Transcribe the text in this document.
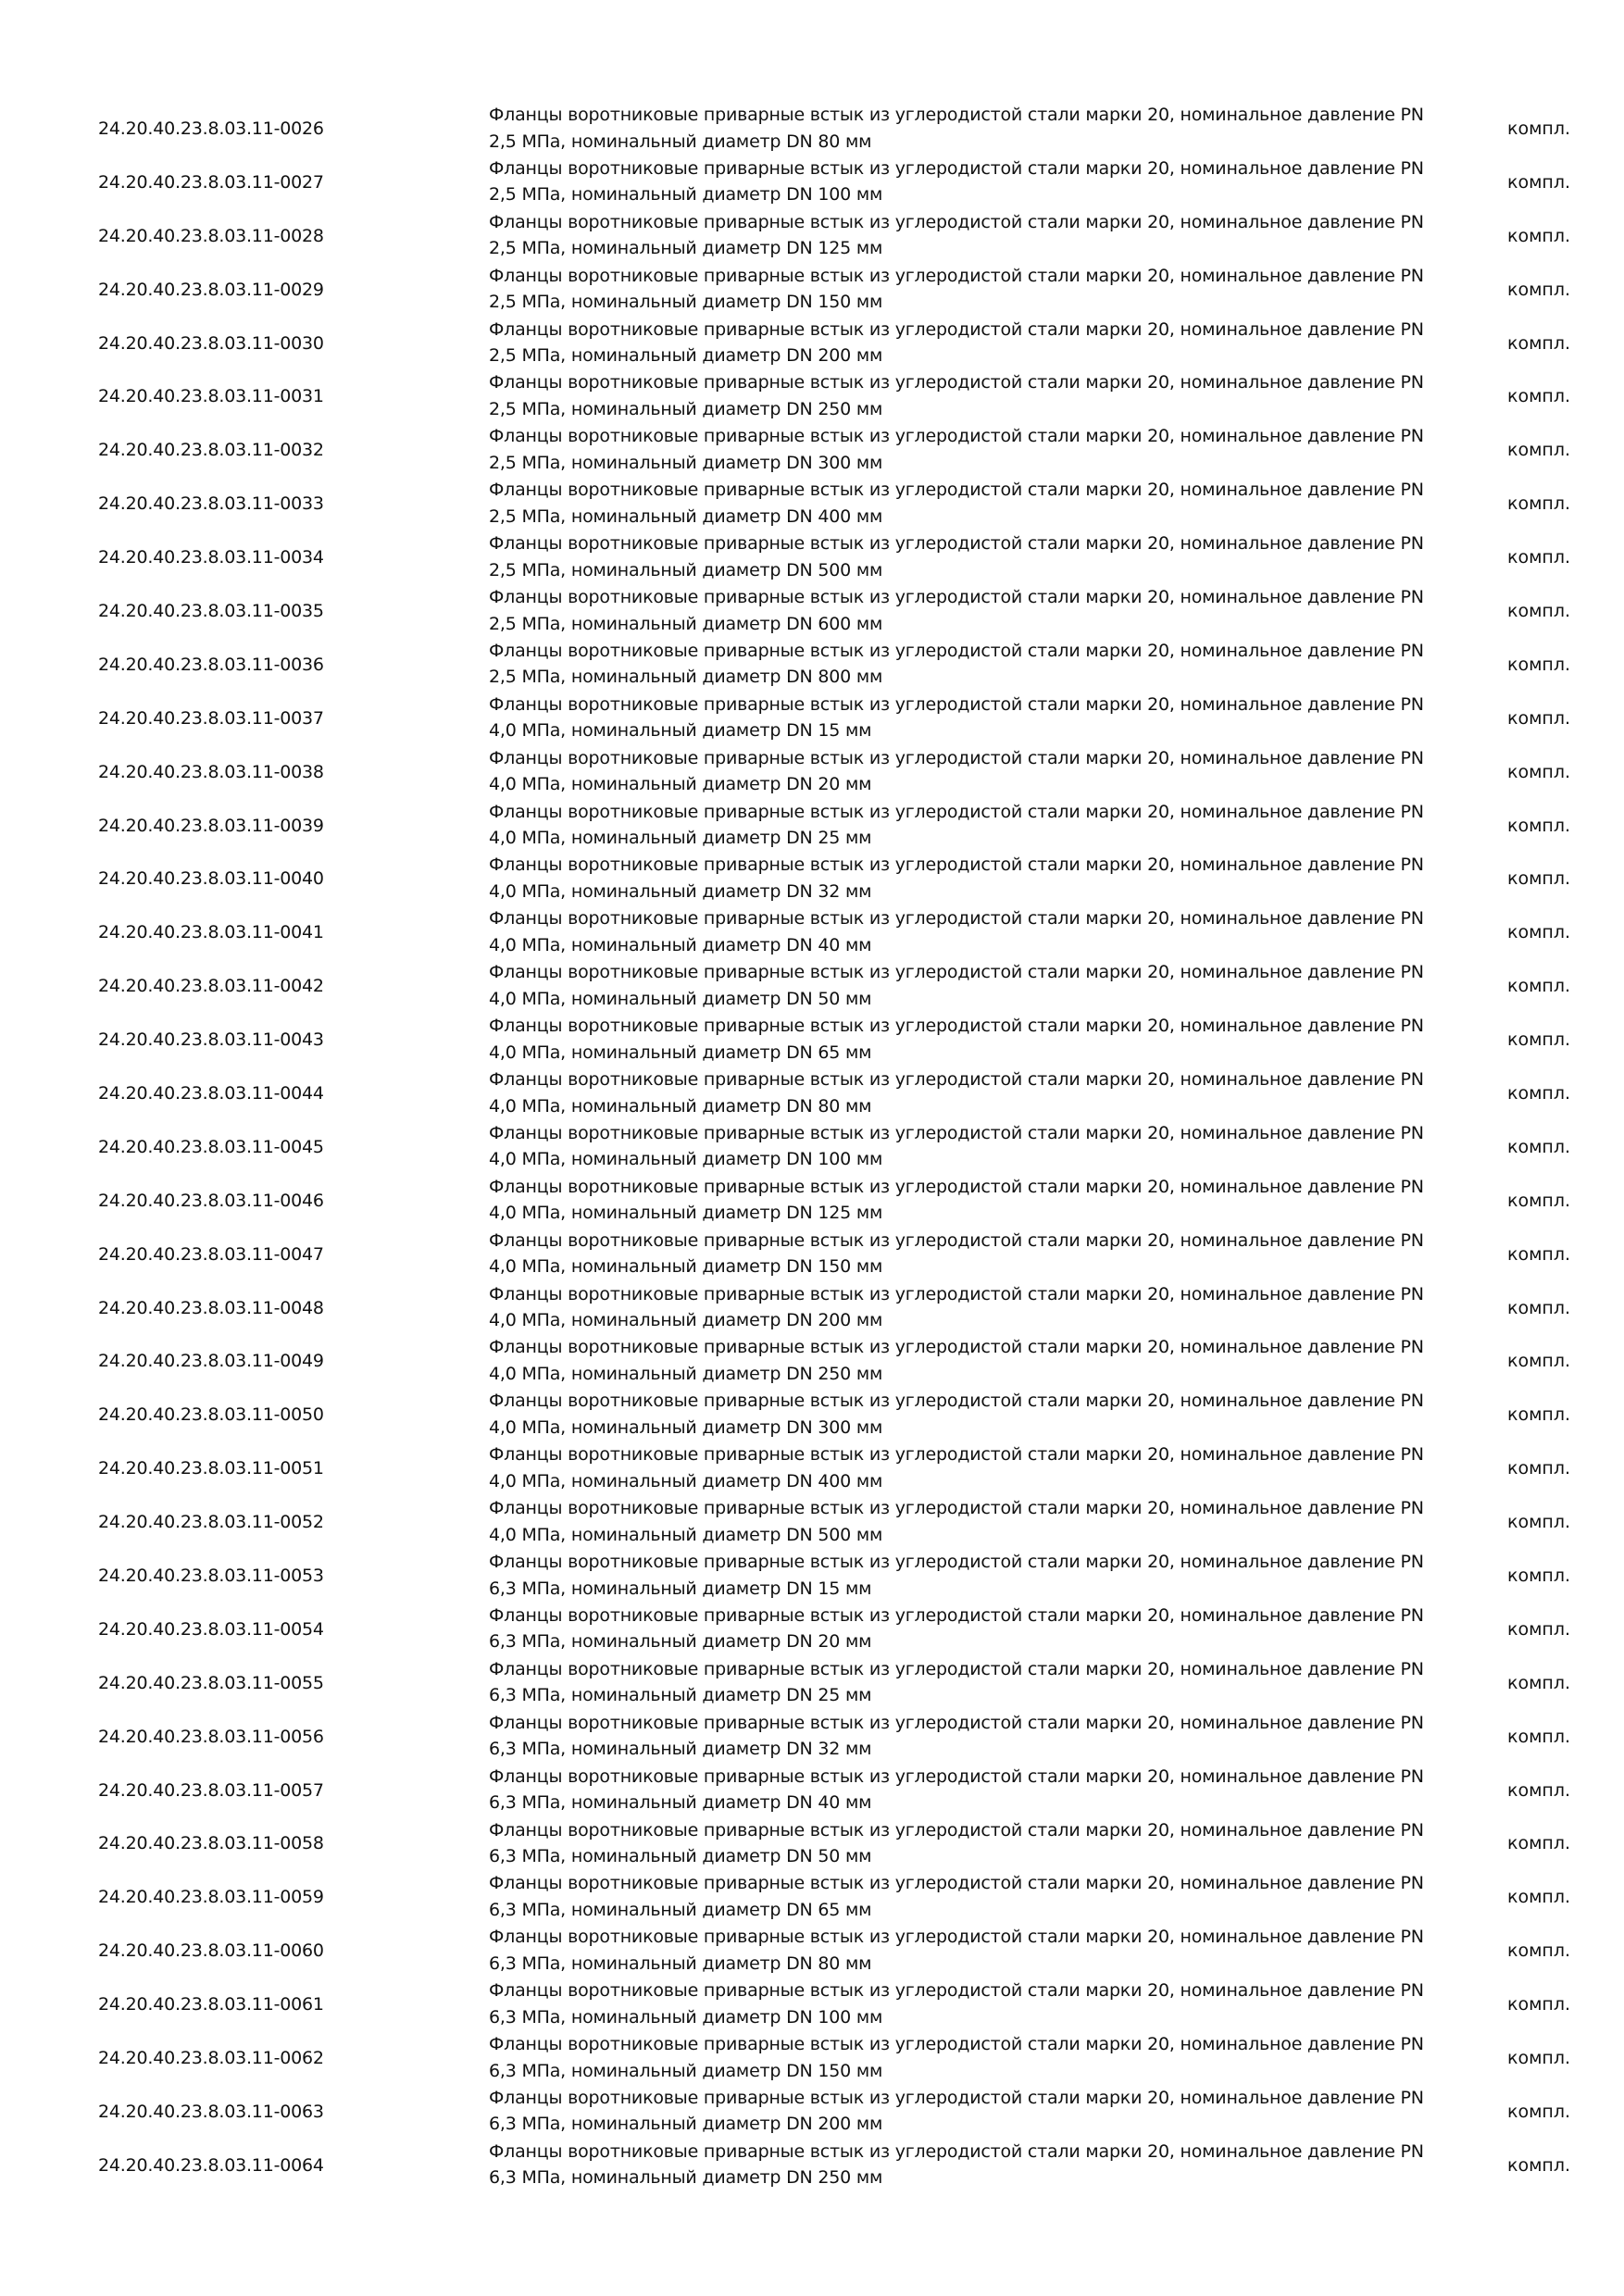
24.20.40.23.8.03.11-0026
Фланцы воротниковые приварные встык из углеродистой стали марки 20, номинальное давление PN
2,5 МПа, номинальный диаметр DN 80 мм
компл.
24.20.40.23.8.03.11-0027
Фланцы воротниковые приварные встык из углеродистой стали марки 20, номинальное давление PN
2,5 МПа, номинальный диаметр DN 100 мм
компл.
24.20.40.23.8.03.11-0028
Фланцы воротниковые приварные встык из углеродистой стали марки 20, номинальное давление PN
2,5 МПа, номинальный диаметр DN 125 мм
компл.
24.20.40.23.8.03.11-0029
Фланцы воротниковые приварные встык из углеродистой стали марки 20, номинальное давление PN
2,5 МПа, номинальный диаметр DN 150 мм
компл.
24.20.40.23.8.03.11-0030
Фланцы воротниковые приварные встык из углеродистой стали марки 20, номинальное давление PN
2,5 МПа, номинальный диаметр DN 200 мм
компл.
24.20.40.23.8.03.11-0031
Фланцы воротниковые приварные встык из углеродистой стали марки 20, номинальное давление PN
2,5 МПа, номинальный диаметр DN 250 мм
компл.
24.20.40.23.8.03.11-0032
Фланцы воротниковые приварные встык из углеродистой стали марки 20, номинальное давление PN
2,5 МПа, номинальный диаметр DN 300 мм
компл.
24.20.40.23.8.03.11-0033
Фланцы воротниковые приварные встык из углеродистой стали марки 20, номинальное давление PN
2,5 МПа, номинальный диаметр DN 400 мм
компл.
24.20.40.23.8.03.11-0034
Фланцы воротниковые приварные встык из углеродистой стали марки 20, номинальное давление PN
2,5 МПа, номинальный диаметр DN 500 мм
компл.
24.20.40.23.8.03.11-0035
Фланцы воротниковые приварные встык из углеродистой стали марки 20, номинальное давление PN
2,5 МПа, номинальный диаметр DN 600 мм
компл.
24.20.40.23.8.03.11-0036
Фланцы воротниковые приварные встык из углеродистой стали марки 20, номинальное давление PN
2,5 МПа, номинальный диаметр DN 800 мм
компл.
24.20.40.23.8.03.11-0037
Фланцы воротниковые приварные встык из углеродистой стали марки 20, номинальное давление PN
4,0 МПа, номинальный диаметр DN 15 мм
компл.
24.20.40.23.8.03.11-0038
Фланцы воротниковые приварные встык из углеродистой стали марки 20, номинальное давление PN
4,0 МПа, номинальный диаметр DN 20 мм
компл.
24.20.40.23.8.03.11-0039
Фланцы воротниковые приварные встык из углеродистой стали марки 20, номинальное давление PN
4,0 МПа, номинальный диаметр DN 25 мм
компл.
24.20.40.23.8.03.11-0040
Фланцы воротниковые приварные встык из углеродистой стали марки 20, номинальное давление PN
4,0 МПа, номинальный диаметр DN 32 мм
компл.
24.20.40.23.8.03.11-0041
Фланцы воротниковые приварные встык из углеродистой стали марки 20, номинальное давление PN
4,0 МПа, номинальный диаметр DN 40 мм
компл.
24.20.40.23.8.03.11-0042
Фланцы воротниковые приварные встык из углеродистой стали марки 20, номинальное давление PN
4,0 МПа, номинальный диаметр DN 50 мм
компл.
24.20.40.23.8.03.11-0043
Фланцы воротниковые приварные встык из углеродистой стали марки 20, номинальное давление PN
4,0 МПа, номинальный диаметр DN 65 мм
компл.
24.20.40.23.8.03.11-0044
Фланцы воротниковые приварные встык из углеродистой стали марки 20, номинальное давление PN
4,0 МПа, номинальный диаметр DN 80 мм
компл.
24.20.40.23.8.03.11-0045
Фланцы воротниковые приварные встык из углеродистой стали марки 20, номинальное давление PN
4,0 МПа, номинальный диаметр DN 100 мм
компл.
24.20.40.23.8.03.11-0046
Фланцы воротниковые приварные встык из углеродистой стали марки 20, номинальное давление PN
4,0 МПа, номинальный диаметр DN 125 мм
компл.
24.20.40.23.8.03.11-0047
Фланцы воротниковые приварные встык из углеродистой стали марки 20, номинальное давление PN
4,0 МПа, номинальный диаметр DN 150 мм
компл.
24.20.40.23.8.03.11-0048
Фланцы воротниковые приварные встык из углеродистой стали марки 20, номинальное давление PN
4,0 МПа, номинальный диаметр DN 200 мм
компл.
24.20.40.23.8.03.11-0049
Фланцы воротниковые приварные встык из углеродистой стали марки 20, номинальное давление PN
4,0 МПа, номинальный диаметр DN 250 мм
компл.
24.20.40.23.8.03.11-0050
Фланцы воротниковые приварные встык из углеродистой стали марки 20, номинальное давление PN
4,0 МПа, номинальный диаметр DN 300 мм
компл.
24.20.40.23.8.03.11-0051
Фланцы воротниковые приварные встык из углеродистой стали марки 20, номинальное давление PN
4,0 МПа, номинальный диаметр DN 400 мм
компл.
24.20.40.23.8.03.11-0052
Фланцы воротниковые приварные встык из углеродистой стали марки 20, номинальное давление PN
4,0 МПа, номинальный диаметр DN 500 мм
компл.
24.20.40.23.8.03.11-0053
Фланцы воротниковые приварные встык из углеродистой стали марки 20, номинальное давление PN
6,3 МПа, номинальный диаметр DN 15 мм
компл.
24.20.40.23.8.03.11-0054
Фланцы воротниковые приварные встык из углеродистой стали марки 20, номинальное давление PN
6,3 МПа, номинальный диаметр DN 20 мм
компл.
24.20.40.23.8.03.11-0055
Фланцы воротниковые приварные встык из углеродистой стали марки 20, номинальное давление PN
6,3 МПа, номинальный диаметр DN 25 мм
компл.
24.20.40.23.8.03.11-0056
Фланцы воротниковые приварные встык из углеродистой стали марки 20, номинальное давление PN
6,3 МПа, номинальный диаметр DN 32 мм
компл.
24.20.40.23.8.03.11-0057
Фланцы воротниковые приварные встык из углеродистой стали марки 20, номинальное давление PN
6,3 МПа, номинальный диаметр DN 40 мм
компл.
24.20.40.23.8.03.11-0058
Фланцы воротниковые приварные встык из углеродистой стали марки 20, номинальное давление PN
6,3 МПа, номинальный диаметр DN 50 мм
компл.
24.20.40.23.8.03.11-0059
Фланцы воротниковые приварные встык из углеродистой стали марки 20, номинальное давление PN
6,3 МПа, номинальный диаметр DN 65 мм
компл.
24.20.40.23.8.03.11-0060
Фланцы воротниковые приварные встык из углеродистой стали марки 20, номинальное давление PN
6,3 МПа, номинальный диаметр DN 80 мм
компл.
24.20.40.23.8.03.11-0061
Фланцы воротниковые приварные встык из углеродистой стали марки 20, номинальное давление PN
6,3 МПа, номинальный диаметр DN 100 мм
компл.
24.20.40.23.8.03.11-0062
Фланцы воротниковые приварные встык из углеродистой стали марки 20, номинальное давление PN
6,3 МПа, номинальный диаметр DN 150 мм
компл.
24.20.40.23.8.03.11-0063
Фланцы воротниковые приварные встык из углеродистой стали марки 20, номинальное давление PN
6,3 МПа, номинальный диаметр DN 200 мм
компл.
24.20.40.23.8.03.11-0064
Фланцы воротниковые приварные встык из углеродистой стали марки 20, номинальное давление PN
6,3 МПа, номинальный диаметр DN 250 мм
компл.
